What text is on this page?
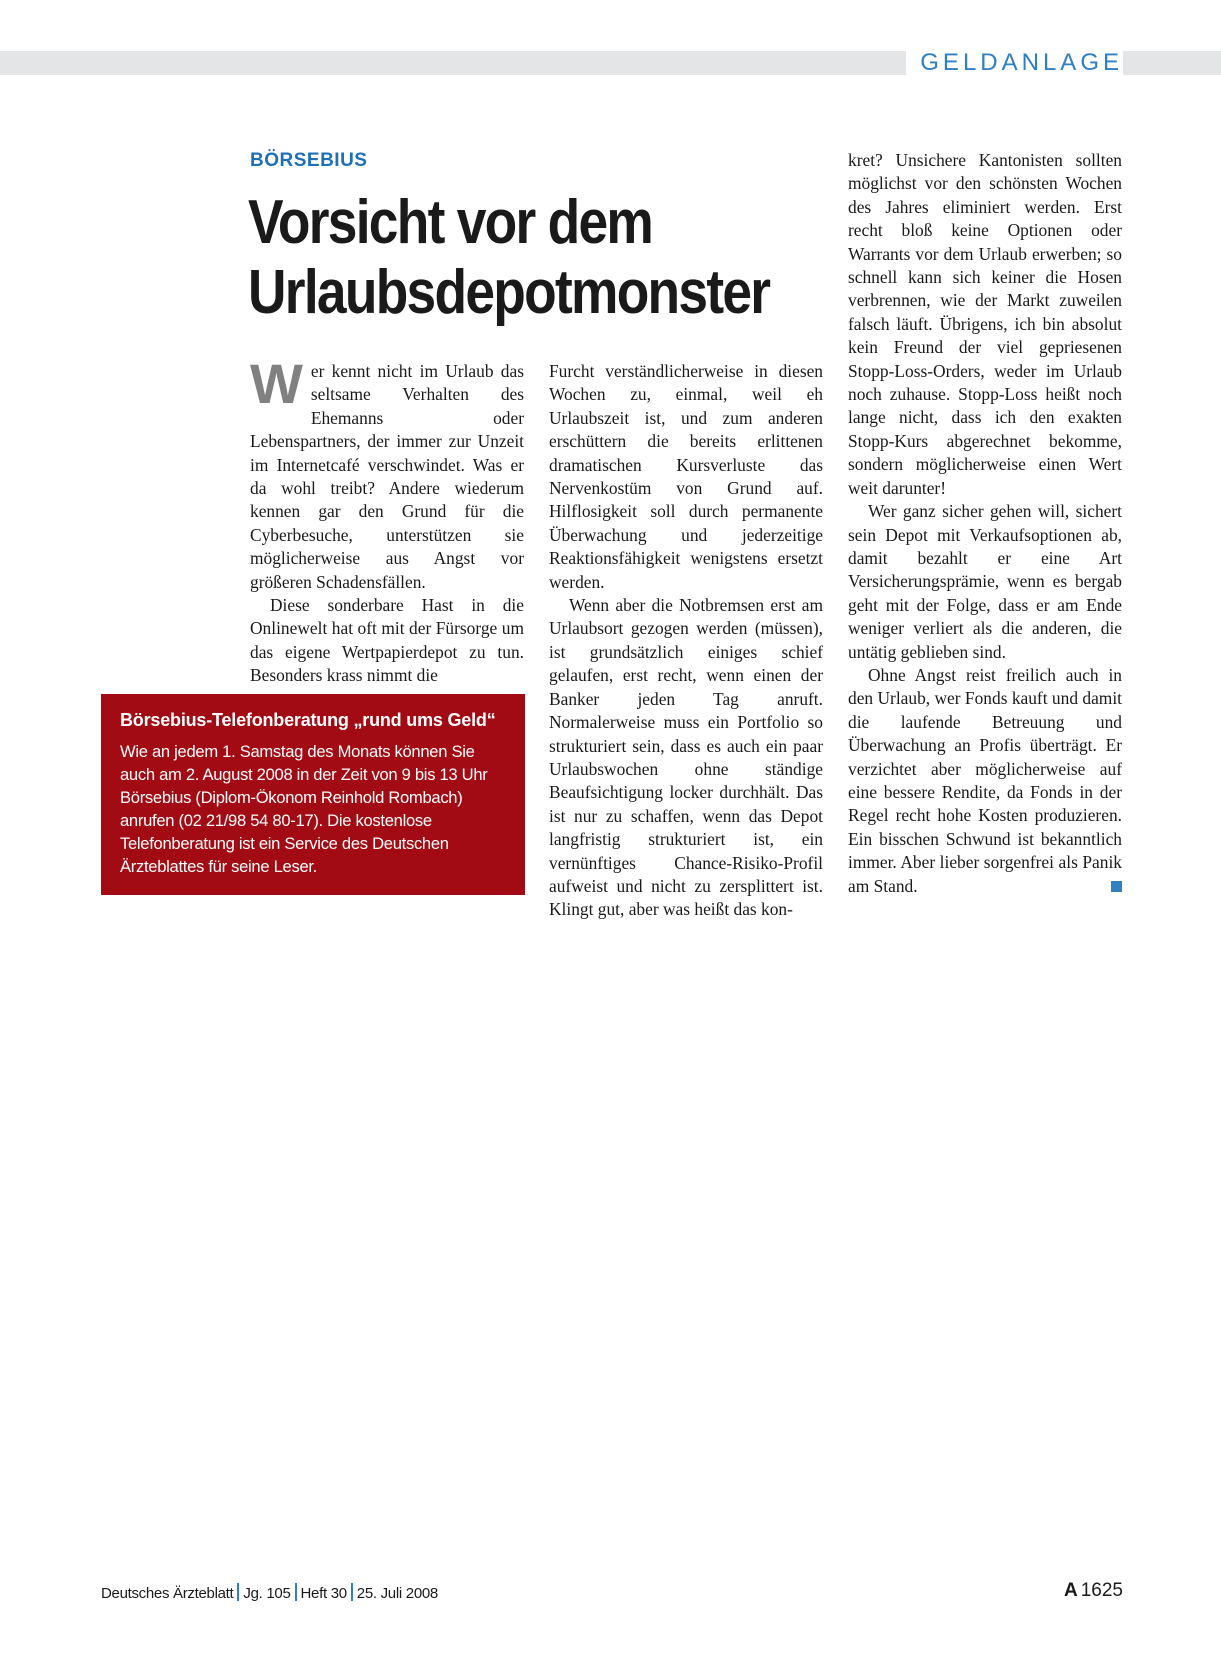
GELDANLAGE
BÖRSEBIUS
Vorsicht vor dem
Urlaubsdepotmonster

Wer kennt nicht im Urlaub das seltsame Verhalten des Ehemanns oder Lebenspartners, der immer zur Unzeit im Internetcafé verschwindet. Was er da wohl treibt? Andere wiederum kennen gar den Grund für die Cyberbesuche, unterstützen sie möglicherweise aus Angst vor größeren Schadensfällen.

Diese sonderbare Hast in die Onlinewelt hat oft mit der Fürsorge um das eigene Wertpapierdepot zu tun. Besonders krass nimmt die

Furcht verständlicherweise in diesen Wochen zu, einmal, weil eh Urlaubszeit ist, und zum anderen erschüttern die bereits erlittenen dramatischen Kursverluste das Nervenkostüm von Grund auf. Hilflosigkeit soll durch permanente Überwachung und jederzeitige Reaktionsfähigkeit wenigstens ersetzt werden.

Wenn aber die Notbremsen erst am Urlaubsort gezogen werden (müssen), ist grundsätzlich einiges schief gelaufen, erst recht, wenn einen der Banker jeden Tag anruft. Normalerweise muss ein Portfolio so strukturiert sein, dass es auch ein paar Urlaubswochen ohne ständige Beaufsichtigung locker durchhält. Das ist nur zu schaffen, wenn das Depot langfristig strukturiert ist, ein vernünftiges Chance-Risiko-Profil aufweist und nicht zu zersplittert ist. Klingt gut, aber was heißt das kon-

kret? Unsichere Kantonisten sollten möglichst vor den schönsten Wochen des Jahres eliminiert werden. Erst recht bloß keine Optionen oder Warrants vor dem Urlaub erwerben; so schnell kann sich keiner die Hosen verbrennen, wie der Markt zuweilen falsch läuft. Übrigens, ich bin absolut kein Freund der viel gepriesenen Stopp-Loss-Orders, weder im Urlaub noch zuhause. Stopp-Loss heißt noch lange nicht, dass ich den exakten Stopp-Kurs abgerechnet bekomme, sondern möglicherweise einen Wert weit darunter!

Wer ganz sicher gehen will, sichert sein Depot mit Verkaufsoptionen ab, damit bezahlt er eine Art Versicherungsprämie, wenn es bergab geht mit der Folge, dass er am Ende weniger verliert als die anderen, die untätig geblieben sind.

Ohne Angst reist freilich auch in den Urlaub, wer Fonds kauft und damit die laufende Betreuung und Überwachung an Profis überträgt. Er verzichtet aber möglicherweise auf eine bessere Rendite, da Fonds in der Regel recht hohe Kosten produzieren. Ein bisschen Schwund ist bekanntlich immer. Aber lieber sorgenfrei als Panik am Stand.

Börsebius-Telefonberatung „rund ums Geld“
Wie an jedem 1. Samstag des Monats können Sie auch am 2. August 2008 in der Zeit von 9 bis 13 Uhr Börsebius (Diplom-Ökonom Reinhold Rombach) anrufen (02 21/98 54 80-17). Die kostenlose Telefonberatung ist ein Service des Deutschen Ärzteblattes für seine Leser.
Deutsches Ärzteblatt Jg. 105 Heft 30 25. Juli 2008	A 1625
